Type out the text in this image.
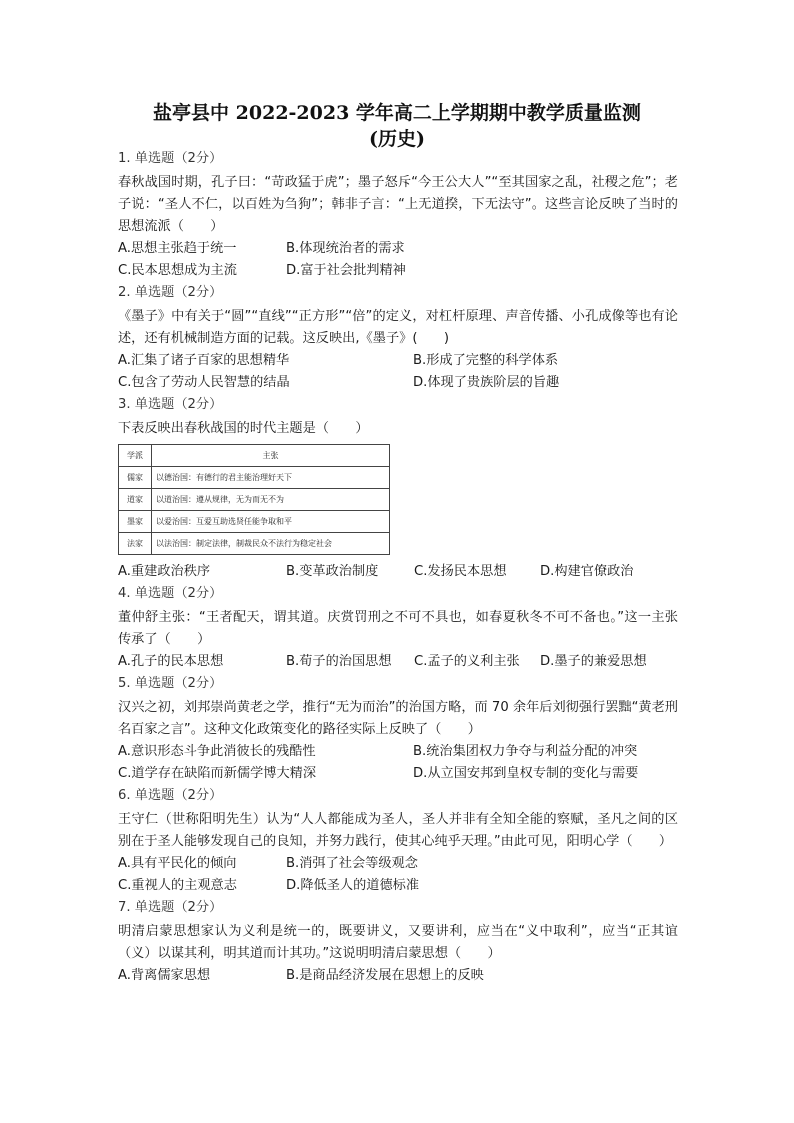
盐亭县中 2022-2023 学年高二上学期期中教学质量监测
(历史)
1. 单选题（2分）
春秋战国时期，孔子曰：“苛政猛于虎”；墨子怒斥“今王公大人”“至其国家之乱，社稷之危”；老子说：“圣人不仁，以百姓为刍狗”；韩非子言：“上无道揆，下无法守”。这些言论反映了当时的思想流派（　　）
A.思想主张趋于统一	B.体现统治者的需求
C.民本思想成为主流	D.富于社会批判精神
2. 单选题（2分）
《墨子》中有关于“圆”“直线”“正方形”“倍”的定义，对杠杆原理、声音传播、小孔成像等也有论述，还有机械制造方面的记载。这反映出,《墨子》(　　)
A.汇集了诸子百家的思想精华	B.形成了完整的科学体系
C.包含了劳动人民智慧的结晶	D.体现了贵族阶层的旨趣
3. 单选题（2分）
下表反映出春秋战国的时代主题是（　　）
学派	主张
儒家	以德治国：有德行的君主能治理好天下
道家	以道治国：遵从规律，无为而无不为
墨家	以爱治国：互爱互助选贤任能争取和平
法家	以法治国：制定法律，制裁民众不法行为稳定社会
A.重建政治秩序	B.变革政治制度	C.发扬民本思想	D.构建官僚政治
4. 单选题（2分）
董仲舒主张：“王者配天，谓其道。庆赏罚刑之不可不具也，如春夏秋冬不可不备也。”这一主张传承了（　　）
A.孔子的民本思想	B.荀子的治国思想	C.孟子的义利主张	D.墨子的兼爱思想
5. 单选题（2分）
汉兴之初，刘邦崇尚黄老之学，推行“无为而治”的治国方略，而 70 余年后刘彻强行罢黜“黄老刑名百家之言”。这种文化政策变化的路径实际上反映了（　　）
A.意识形态斗争此消彼长的残酷性	B.统治集团权力争夺与利益分配的冲突
C.道学存在缺陷而新儒学博大精深	D.从立国安邦到皇权专制的变化与需要
6. 单选题（2分）
王守仁（世称阳明先生）认为“人人都能成为圣人，圣人并非有全知全能的察赋，圣凡之间的区别在于圣人能够发现自己的良知，并努力践行，使其心纯乎天理。”由此可见，阳明心学（　　）
A.具有平民化的倾向	B.消弭了社会等级观念
C.重视人的主观意志	D.降低圣人的道德标准
7. 单选题（2分）
明清启蒙思想家认为义利是统一的，既要讲义，又要讲利，应当在“义中取利”，应当“正其谊（义）以谋其利，明其道而计其功。”这说明明清启蒙思想（　　）
A.背离儒家思想	B.是商品经济发展在思想上的反映
